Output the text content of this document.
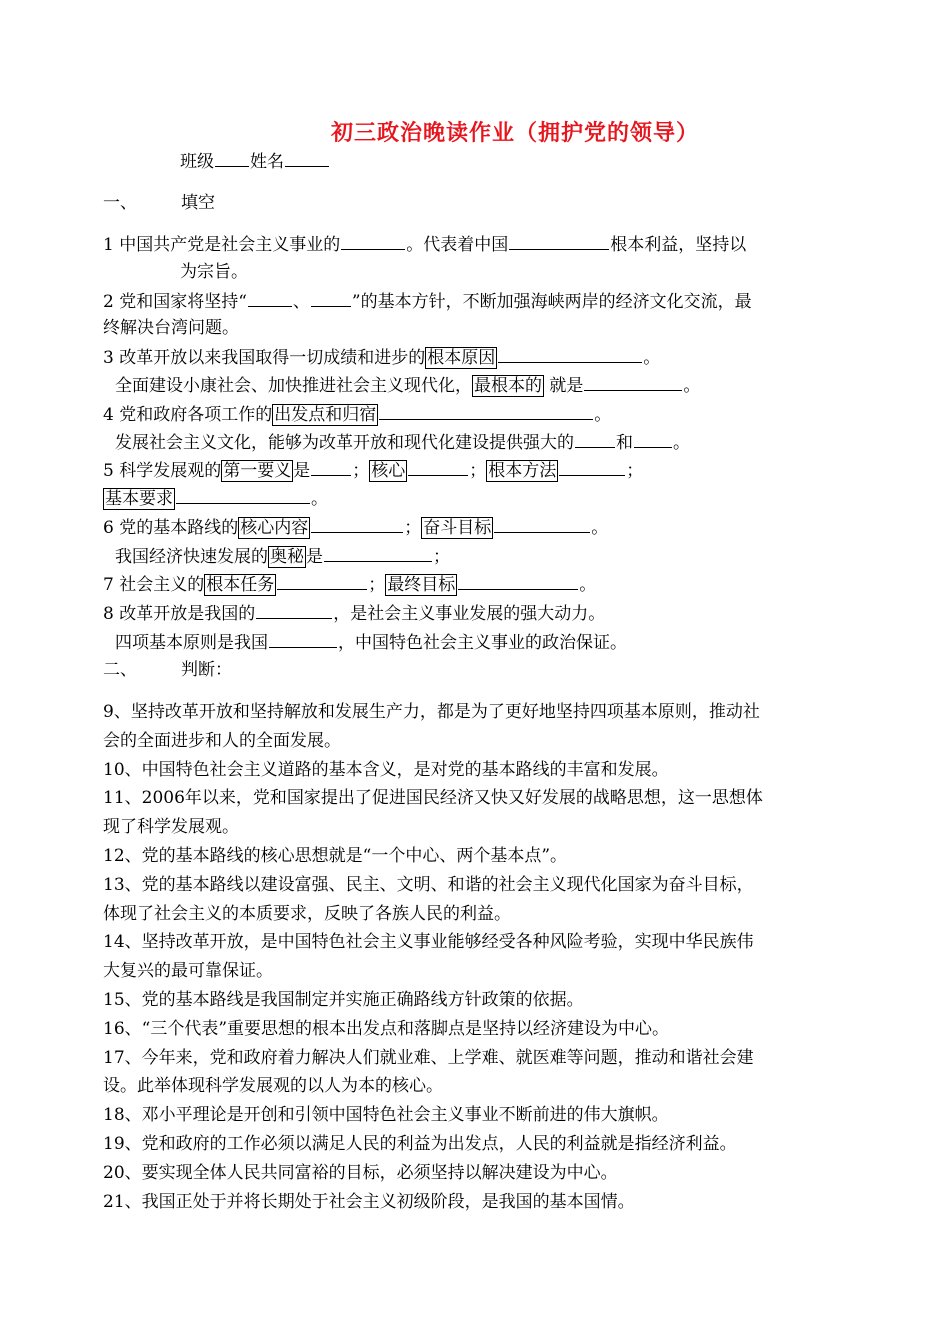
初三政治晚读作业（拥护党的领导）
班级 姓名
一、	填空
1 中国共产党是社会主义事业的	。代表着中国	根本利益，坚持以
为宗旨。
2 党和国家将坚持“	、 ”的基本方针，不断加强海峡两岸的经济文化交流，最
终解决台湾问题。
3 改革开放以来我国取得一切成绩和进步的 根本原因	。
全面建设小康社会、加快推进社会主义现代化， 最根本的 就是	。
4 党和政府各项工作的 出发点和归宿	。
发展社会主义文化，能够为改革开放和现代化建设提供强大的 和 。
5 科学发展观的 第一要义 是 ； 核心	； 根本方法	；
基本要求	。
6 党的基本路线的 核心内容	； 奋斗目标	。
我国经济快速发展的 奥秘 是	；
7 社会主义的 根本任务	； 最终目标	。
8 改革开放是我国的	，是社会主义事业发展的强大动力。
四项基本原则是我国	，中国特色社会主义事业的政治保证。
二、	判断：
9、坚持改革开放和坚持解放和发展生产力，都是为了更好地坚持四项基本原则，推动社
会的全面进步和人的全面发展。
10、中国特色社会主义道路的基本含义，是对党的基本路线的丰富和发展。
11、2006年以来，党和国家提出了促进国民经济又快又好发展的战略思想，这一思想体
现了科学发展观。
12、党的基本路线的核心思想就是“一个中心、两个基本点”。
13、党的基本路线以建设富强、民主、文明、和谐的社会主义现代化国家为奋斗目标，
体现了社会主义的本质要求，反映了各族人民的利益。
14、坚持改革开放，是中国特色社会主义事业能够经受各种风险考验，实现中华民族伟
大复兴的最可靠保证。
15、党的基本路线是我国制定并实施正确路线方针政策的依据。
16、“三个代表”重要思想的根本出发点和落脚点是坚持以经济建设为中心。
17、今年来，党和政府着力解决人们就业难、上学难、就医难等问题，推动和谐社会建
设。此举体现科学发展观的以人为本的核心。
18、邓小平理论是开创和引领中国特色社会主义事业不断前进的伟大旗帜。
19、党和政府的工作必须以满足人民的利益为出发点，人民的利益就是指经济利益。
20、要实现全体人民共同富裕的目标，必须坚持以解决建设为中心。
21、我国正处于并将长期处于社会主义初级阶段，是我国的基本国情。
